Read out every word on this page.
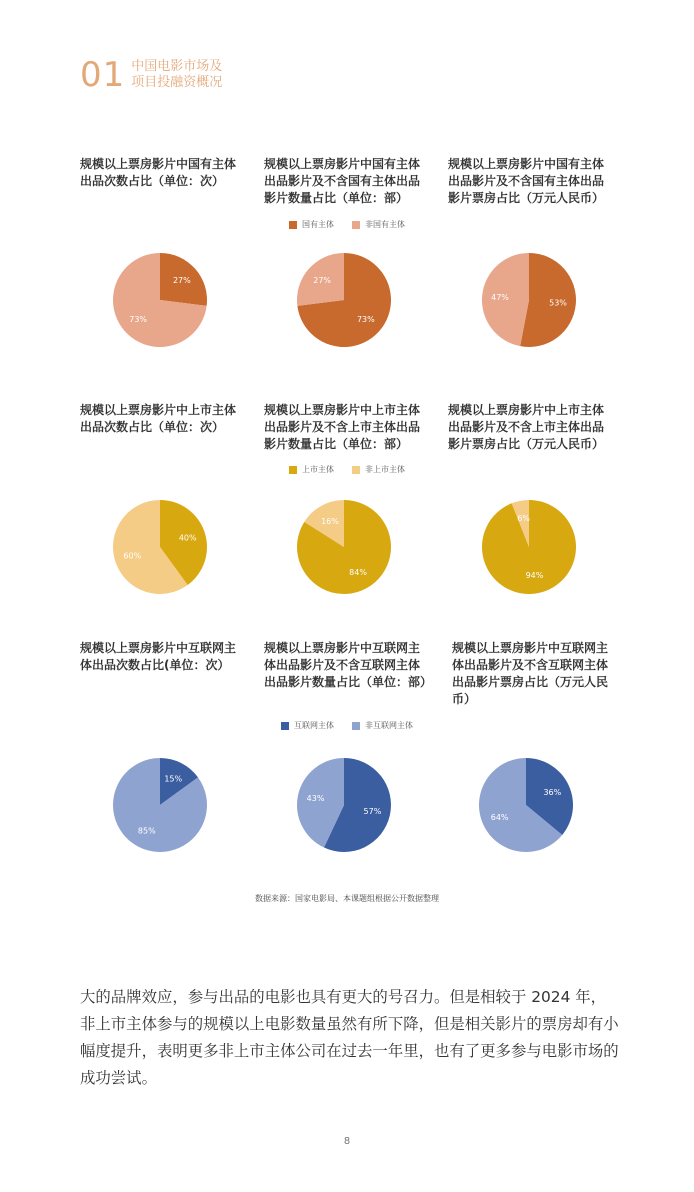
01 中国电影市场及
项目投融资概况
规模以上票房影片中国有主体出品次数占比（单位：次）
规模以上票房影片中国有主体出品影片及不含国有主体出品影片数量占比（单位：部）
规模以上票房影片中国有主体出品影片及不含国有主体出品影片票房占比（万元人民币）
国有主体	非国有主体
27%
73%	73%
27%
53%
47%
规模以上票房影片中上市主体出品次数占比（单位：次）
规模以上票房影片中上市主体出品影片及不含上市主体出品影片数量占比（单位：部）
规模以上票房影片中上市主体出品影片及不含上市主体出品影片票房占比（万元人民币）
上市主体	非上市主体
40%
60%
84%
16%
94%
6%
规模以上票房影片中互联网主体出品次数占比(单位：次）
规模以上票房影片中互联网主体出品影片及不含互联网主体出品影片数量占比（单位：部）
规模以上票房影片中互联网主体出品影片及不含互联网主体出品影片票房占比（万元人民币）
互联网主体	非互联网主体
15%
85%
57%
43%
36%
64%
数据来源：国家电影局、本课题组根据公开数据整理

大的品牌效应，参与出品的电影也具有更大的号召力。但是相较于 2024 年，非上市主体参与的规模以上电影数量虽然有所下降，但是相关影片的票房却有小幅度提升，表明更多非上市主体公司在过去一年里，也有了更多参与电影市场的成功尝试。

8
